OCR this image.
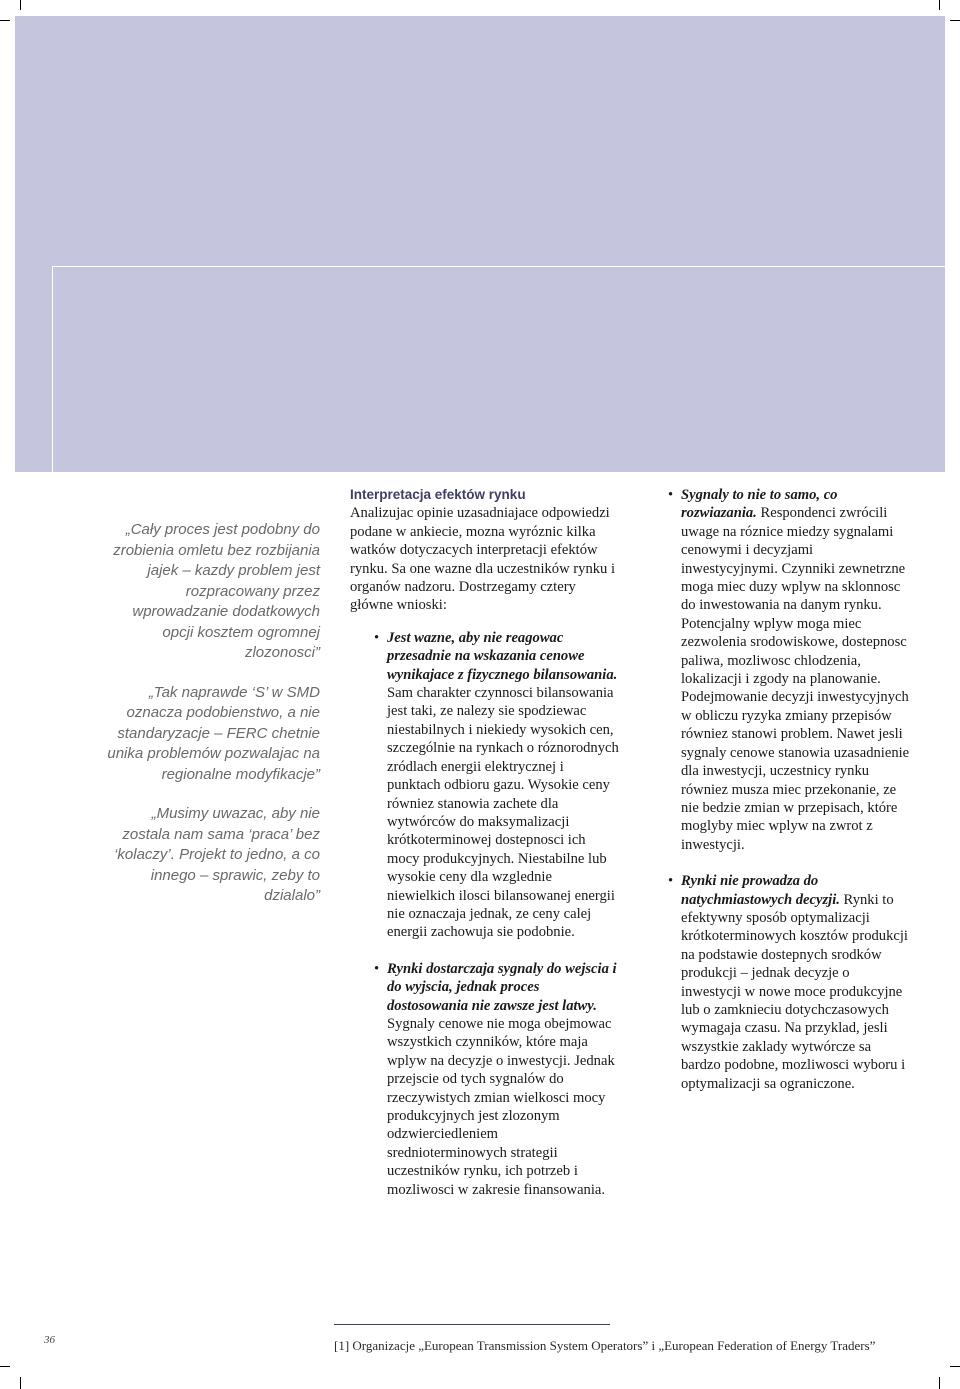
„Cały proces jest podobny do zrobienia omletu bez rozbijania jajek – kazdy problem jest rozpracowany przez wprowadzanie dodatkowych opcji kosztem ogromnej zlozonosci”

„Tak naprawde ‘S’ w SMD oznacza podobienstwo, a nie standaryzacje – FERC chetnie unika problemów pozwalajac na regionalne modyfikacje”

„Musimy uwazac, aby nie zostala nam sama ‘praca’ bez ‘kolaczy’. Projekt to jedno, a co innego – sprawic, zeby to dzialalo”

Interpretacja efektów rynku

Analizujac opinie uzasadniajace odpowiedzi podane w ankiecie, mozna wyróznic kilka watków dotyczacych interpretacji efektów rynku. Sa one wazne dla uczestników rynku i organów nadzoru. Dostrzegamy cztery główne wnioski:

• Jest wazne, aby nie reagowac przesadnie na wskazania cenowe wynikajace z fizycznego bilansowania. Sam charakter czynnosci bilansowania jest taki, ze nalezy sie spodziewac niestabilnych i niekiedy wysokich cen, szczególnie na rynkach o róznorodnych zródlach energii elektrycznej i punktach odbioru gazu. Wysokie ceny równiez stanowia zachete dla wytwórców do maksymalizacji krótkoterminowej dostepnosci ich mocy produkcyjnych. Niestabilne lub wysokie ceny dla wzglednie niewielkich ilosci bilansowanej energii nie oznaczaja jednak, ze ceny calej energii zachowuja sie podobnie.
• Rynki dostarczaja sygnaly do wejscia i do wyjscia, jednak proces dostosowania nie zawsze jest latwy. Sygnaly cenowe nie moga obejmowac wszystkich czynników, które maja wplyw na decyzje o inwestycji. Jednak przejscie od tych sygnalów do rzeczywistych zmian wielkosci mocy produkcyjnych jest zlozonym odzwierciedleniem srednioterminowych strategii uczestników rynku, ich potrzeb i mozliwosci w zakresie finansowania.
• Sygnaly to nie to samo, co rozwiazania. Respondenci zwrócili uwage na róznice miedzy sygnalami cenowymi i decyzjami inwestycyjnymi. Czynniki zewnetrzne moga miec duzy wplyw na sklonnosc do inwestowania na danym rynku. Potencjalny wplyw moga miec zezwolenia srodowiskowe, dostepnosc paliwa, mozliwosc chlodzenia, lokalizacji i zgody na planowanie. Podejmowanie decyzji inwestycyjnych w obliczu ryzyka zmiany przepisów równiez stanowi problem. Nawet jesli sygnaly cenowe stanowia uzasadnienie dla inwestycji, uczestnicy rynku równiez musza miec przekonanie, ze nie bedzie zmian w przepisach, które moglyby miec wplyw na zwrot z inwestycji.
• Rynki nie prowadza do natychmiastowych decyzji. Rynki to efektywny sposób optymalizacji krótkoterminowych kosztów produkcji na podstawie dostepnych srodków produkcji – jednak decyzje o inwestycji w nowe moce produkcyjne lub o zamknieciu dotychczasowych wymagaja czasu. Na przyklad, jesli wszystkie zaklady wytwórcze sa bardzo podobne, mozliwosci wyboru i optymalizacji sa ograniczone.
36	[1] Organizacje „European Transmission System Operators” i „European Federation of Energy Traders”
